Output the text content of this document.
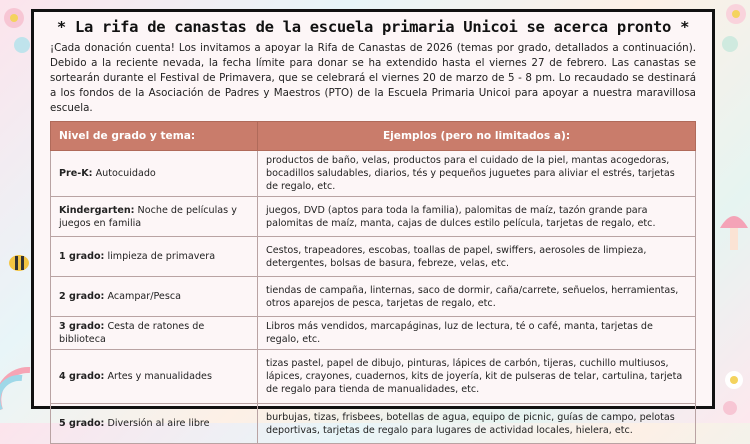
* La rifa de canastas de la escuela primaria Unicoi se acerca pronto *

¡Cada donación cuenta! Los invitamos a apoyar la Rifa de Canastas de 2026 (temas por grado, detallados a continuación). Debido a la reciente nevada, la fecha límite para donar se ha extendido hasta el viernes 27 de febrero. Las canastas se sortearán durante el Festival de Primavera, que se celebrará el viernes 20 de marzo de 5 - 8 pm. Lo recaudado se destinará a los fondos de la Asociación de Padres y Maestros (PTO) de la Escuela Primaria Unicoi para apoyar a nuestra maravillosa escuela.

Nivel de grado y tema:	Ejemplos (pero no limitados a):
Pre-K: Autocuidado	productos de baño, velas, productos para el cuidado de la piel, mantas acogedoras, bocadillos saludables, diarios, tés y pequeños juguetes para aliviar el estrés, tarjetas de regalo, etc.
Kindergarten: Noche de películas y juegos en familia	juegos, DVD (aptos para toda la familia), palomitas de maíz, tazón grande para palomitas de maíz, manta, cajas de dulces estilo película, tarjetas de regalo, etc.
1 grado: limpieza de primavera	Cestos, trapeadores, escobas, toallas de papel, swiffers, aerosoles de limpieza, detergentes, bolsas de basura, febreze, velas, etc.
2 grado: Acampar/Pesca	tiendas de campaña, linternas, saco de dormir, caña/carrete, señuelos, herramientas, otros aparejos de pesca, tarjetas de regalo, etc.
3 grado: Cesta de ratones de biblioteca	Libros más vendidos, marcapáginas, luz de lectura, té o café, manta, tarjetas de regalo, etc.
4 grado: Artes y manualidades	tizas pastel, papel de dibujo, pinturas, lápices de carbón, tijeras, cuchillo multiusos, lápices, crayones, cuadernos, kits de joyería, kit de pulseras de telar, cartulina, tarjeta de regalo para tienda de manualidades, etc.
5 grado: Diversión al aire libre	burbujas, tizas, frisbees, botellas de agua, equipo de picnic, guías de campo, pelotas deportivas, tarjetas de regalo para lugares de actividad locales, hielera, etc.
